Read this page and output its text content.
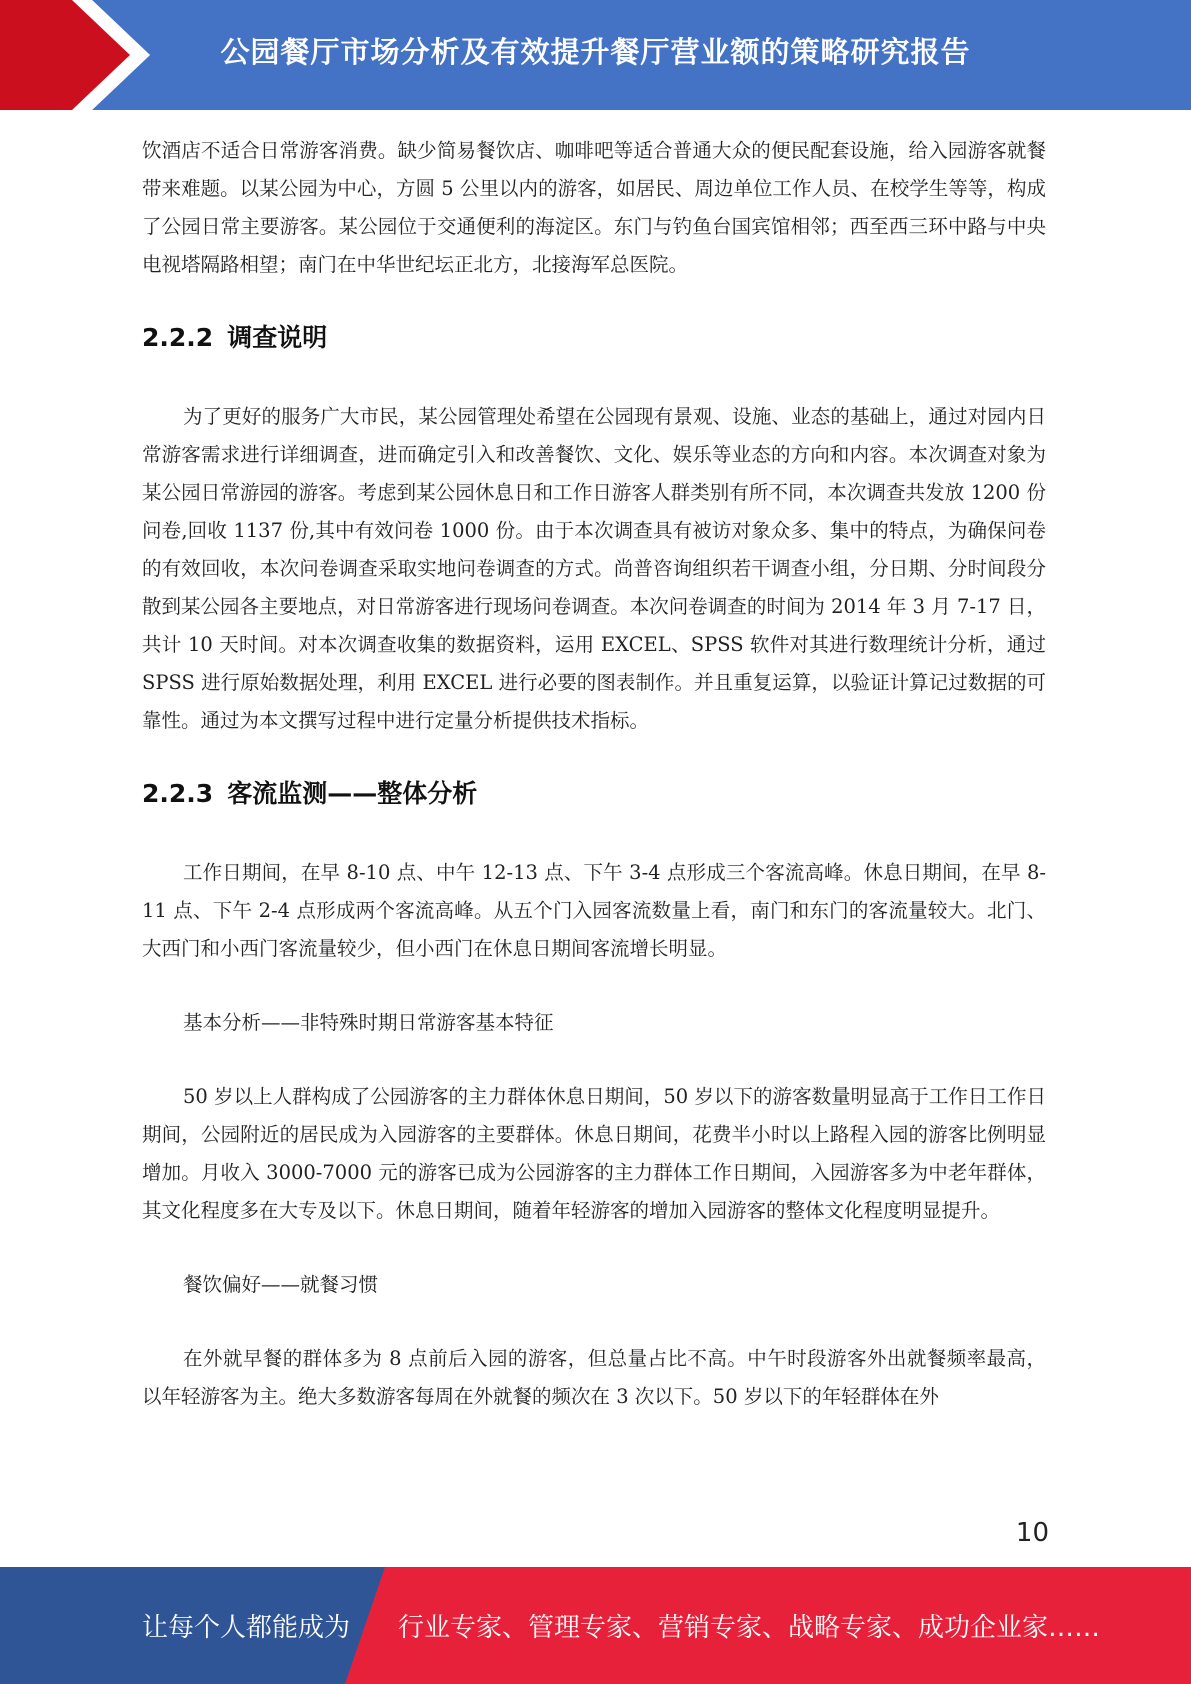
公园餐厅市场分析及有效提升餐厅营业额的策略研究报告

饮酒店不适合日常游客消费。缺少简易餐饮店、咖啡吧等适合普通大众的便民配套设施，给入园游客就餐带来难题。以某公园为中心，方圆 5 公里以内的游客，如居民、周边单位工作人员、在校学生等等，构成了公园日常主要游客。某公园位于交通便利的海淀区。东门与钓鱼台国宾馆相邻；西至西三环中路与中央电视塔隔路相望；南门在中华世纪坛正北方，北接海军总医院。

2.2.2 调查说明

为了更好的服务广大市民，某公园管理处希望在公园现有景观、设施、业态的基础上，通过对园内日常游客需求进行详细调查，进而确定引入和改善餐饮、文化、娱乐等业态的方向和内容。本次调查对象为某公园日常游园的游客。考虑到某公园休息日和工作日游客人群类别有所不同，本次调查共发放 1200 份问卷,回收 1137 份,其中有效问卷 1000 份。由于本次调查具有被访对象众多、集中的特点，为确保问卷的有效回收，本次问卷调查采取实地问卷调查的方式。尚普咨询组织若干调查小组，分日期、分时间段分散到某公园各主要地点，对日常游客进行现场问卷调查。本次问卷调查的时间为 2014 年 3 月 7-17 日，共计 10 天时间。对本次调查收集的数据资料，运用 EXCEL、SPSS 软件对其进行数理统计分析，通过 SPSS 进行原始数据处理，利用 EXCEL 进行必要的图表制作。并且重复运算，以验证计算记过数据的可靠性。通过为本文撰写过程中进行定量分析提供技术指标。

2.2.3 客流监测——整体分析

工作日期间，在早 8-10 点、中午 12-13 点、下午 3-4 点形成三个客流高峰。休息日期间，在早 8-11 点、下午 2-4 点形成两个客流高峰。从五个门入园客流数量上看，南门和东门的客流量较大。北门、大西门和小西门客流量较少，但小西门在休息日期间客流增长明显。

基本分析——非特殊时期日常游客基本特征

50 岁以上人群构成了公园游客的主力群体休息日期间，50 岁以下的游客数量明显高于工作日工作日期间，公园附近的居民成为入园游客的主要群体。休息日期间，花费半小时以上路程入园的游客比例明显增加。月收入 3000-7000 元的游客已成为公园游客的主力群体工作日期间，入园游客多为中老年群体，其文化程度多在大专及以下。休息日期间，随着年轻游客的增加入园游客的整体文化程度明显提升。

餐饮偏好——就餐习惯

在外就早餐的群体多为 8 点前后入园的游客，但总量占比不高。中午时段游客外出就餐频率最高，以年轻游客为主。绝大多数游客每周在外就餐的频次在 3 次以下。50 岁以下的年轻群体在外

10
让每个人都能成为 行业专家、管理专家、营销专家、战略专家、成功企业家……
